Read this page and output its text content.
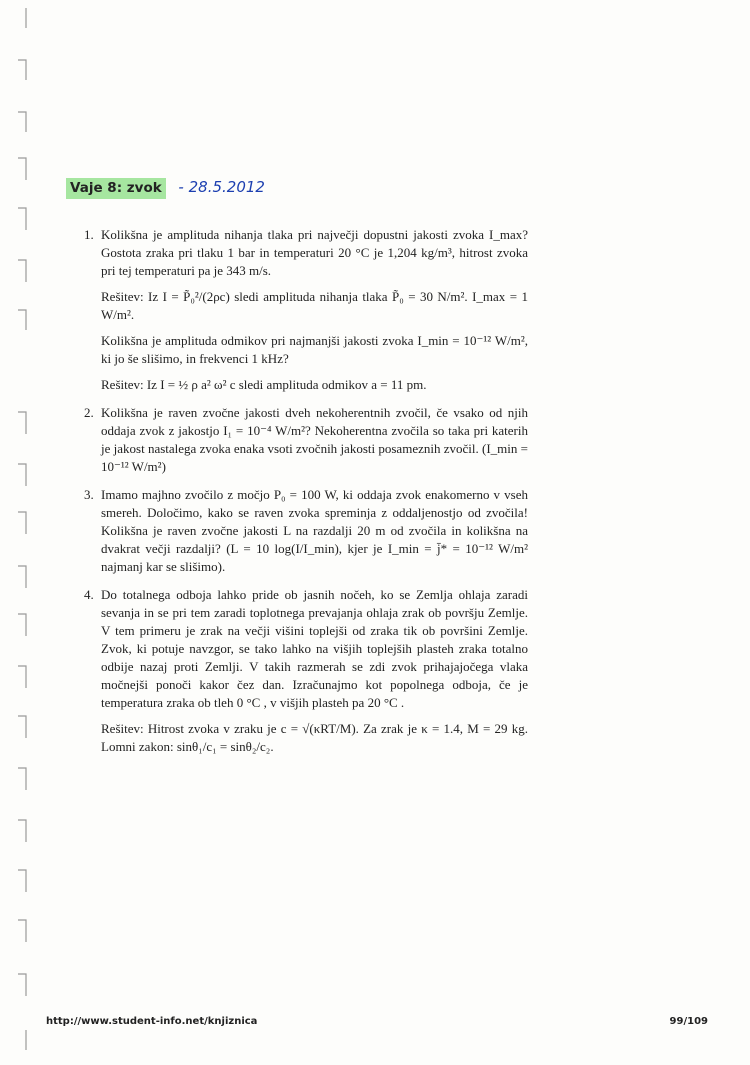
Vaje 8: zvok - 28.5.2012
1. Kolikšna je amplituda nihanja tlaka pri največji dopustni jakosti zvoka I_max? Gostota zraka pri tlaku 1 bar in temperaturi 20 °C je 1,204 kg/m³, hitrost zvoka pri tej temperaturi pa je 343 m/s.

Rešitev: Iz I = P̃₀²/(2ρc) sledi amplituda nihanja tlaka P̃₀ = 30 N/m². I_max = 1 W/m².

Kolikšna je amplituda odmikov pri najmanjši jakosti zvoka I_min = 10⁻¹² W/m², ki jo še slišimo, in frekvenci 1 kHz?

Rešitev: Iz I = ½ ρ a² ω² c sledi amplituda odmikov a = 11 pm.

2. Kolikšna je raven zvočne jakosti dveh nekoherentnih zvočil, če vsako od njih oddaja zvok z jakostjo I₁ = 10⁻⁴ W/m²? Nekoherentna zvočila so taka pri katerih je jakost nastalega zvoka enaka vsoti zvočnih jakosti posameznih zvočil. (I_min = 10⁻¹² W/m²)

3. Imamo majhno zvočilo z močjo P₀ = 100 W, ki oddaja zvok enakomerno v vseh smereh. Določimo, kako se raven zvoka spreminja z oddaljenostjo od zvočila! Kolikšna je raven zvočne jakosti L na razdalji 20 m od zvočila in kolikšna na dvakrat večji razdalji? (L = 10 log(I/I_min), kjer je I_min = j̄* = 10⁻¹² W/m² najmanj kar se slišimo).

4. Do totalnega odboja lahko pride ob jasnih nočeh, ko se Zemlja ohlaja zaradi sevanja in se pri tem zaradi toplotnega prevajanja ohlaja zrak ob površju Zemlje. V tem primeru je zrak na večji višini toplejši od zraka tik ob površini Zemlje. Zvok, ki potuje navzgor, se tako lahko na višjih toplejših plasteh zraka totalno odbije nazaj proti Zemljі. V takih razmerah se zdi zvok prihajajočega vlaka močnejši ponoči kakor čez dan. Izračunajmo kot popolnega odboja, če je temperatura zraka ob tleh 0 °C , v višjih plasteh pa 20 °C .

Rešitev: Hitrost zvoka v zraku je c = √(κRT/M). Za zrak je κ = 1.4, M = 29 kg. Lomni zakon: sinθ₁/c₁ = sinθ₂/c₂.

http://www.student-info.net/knjiznica	99/109
